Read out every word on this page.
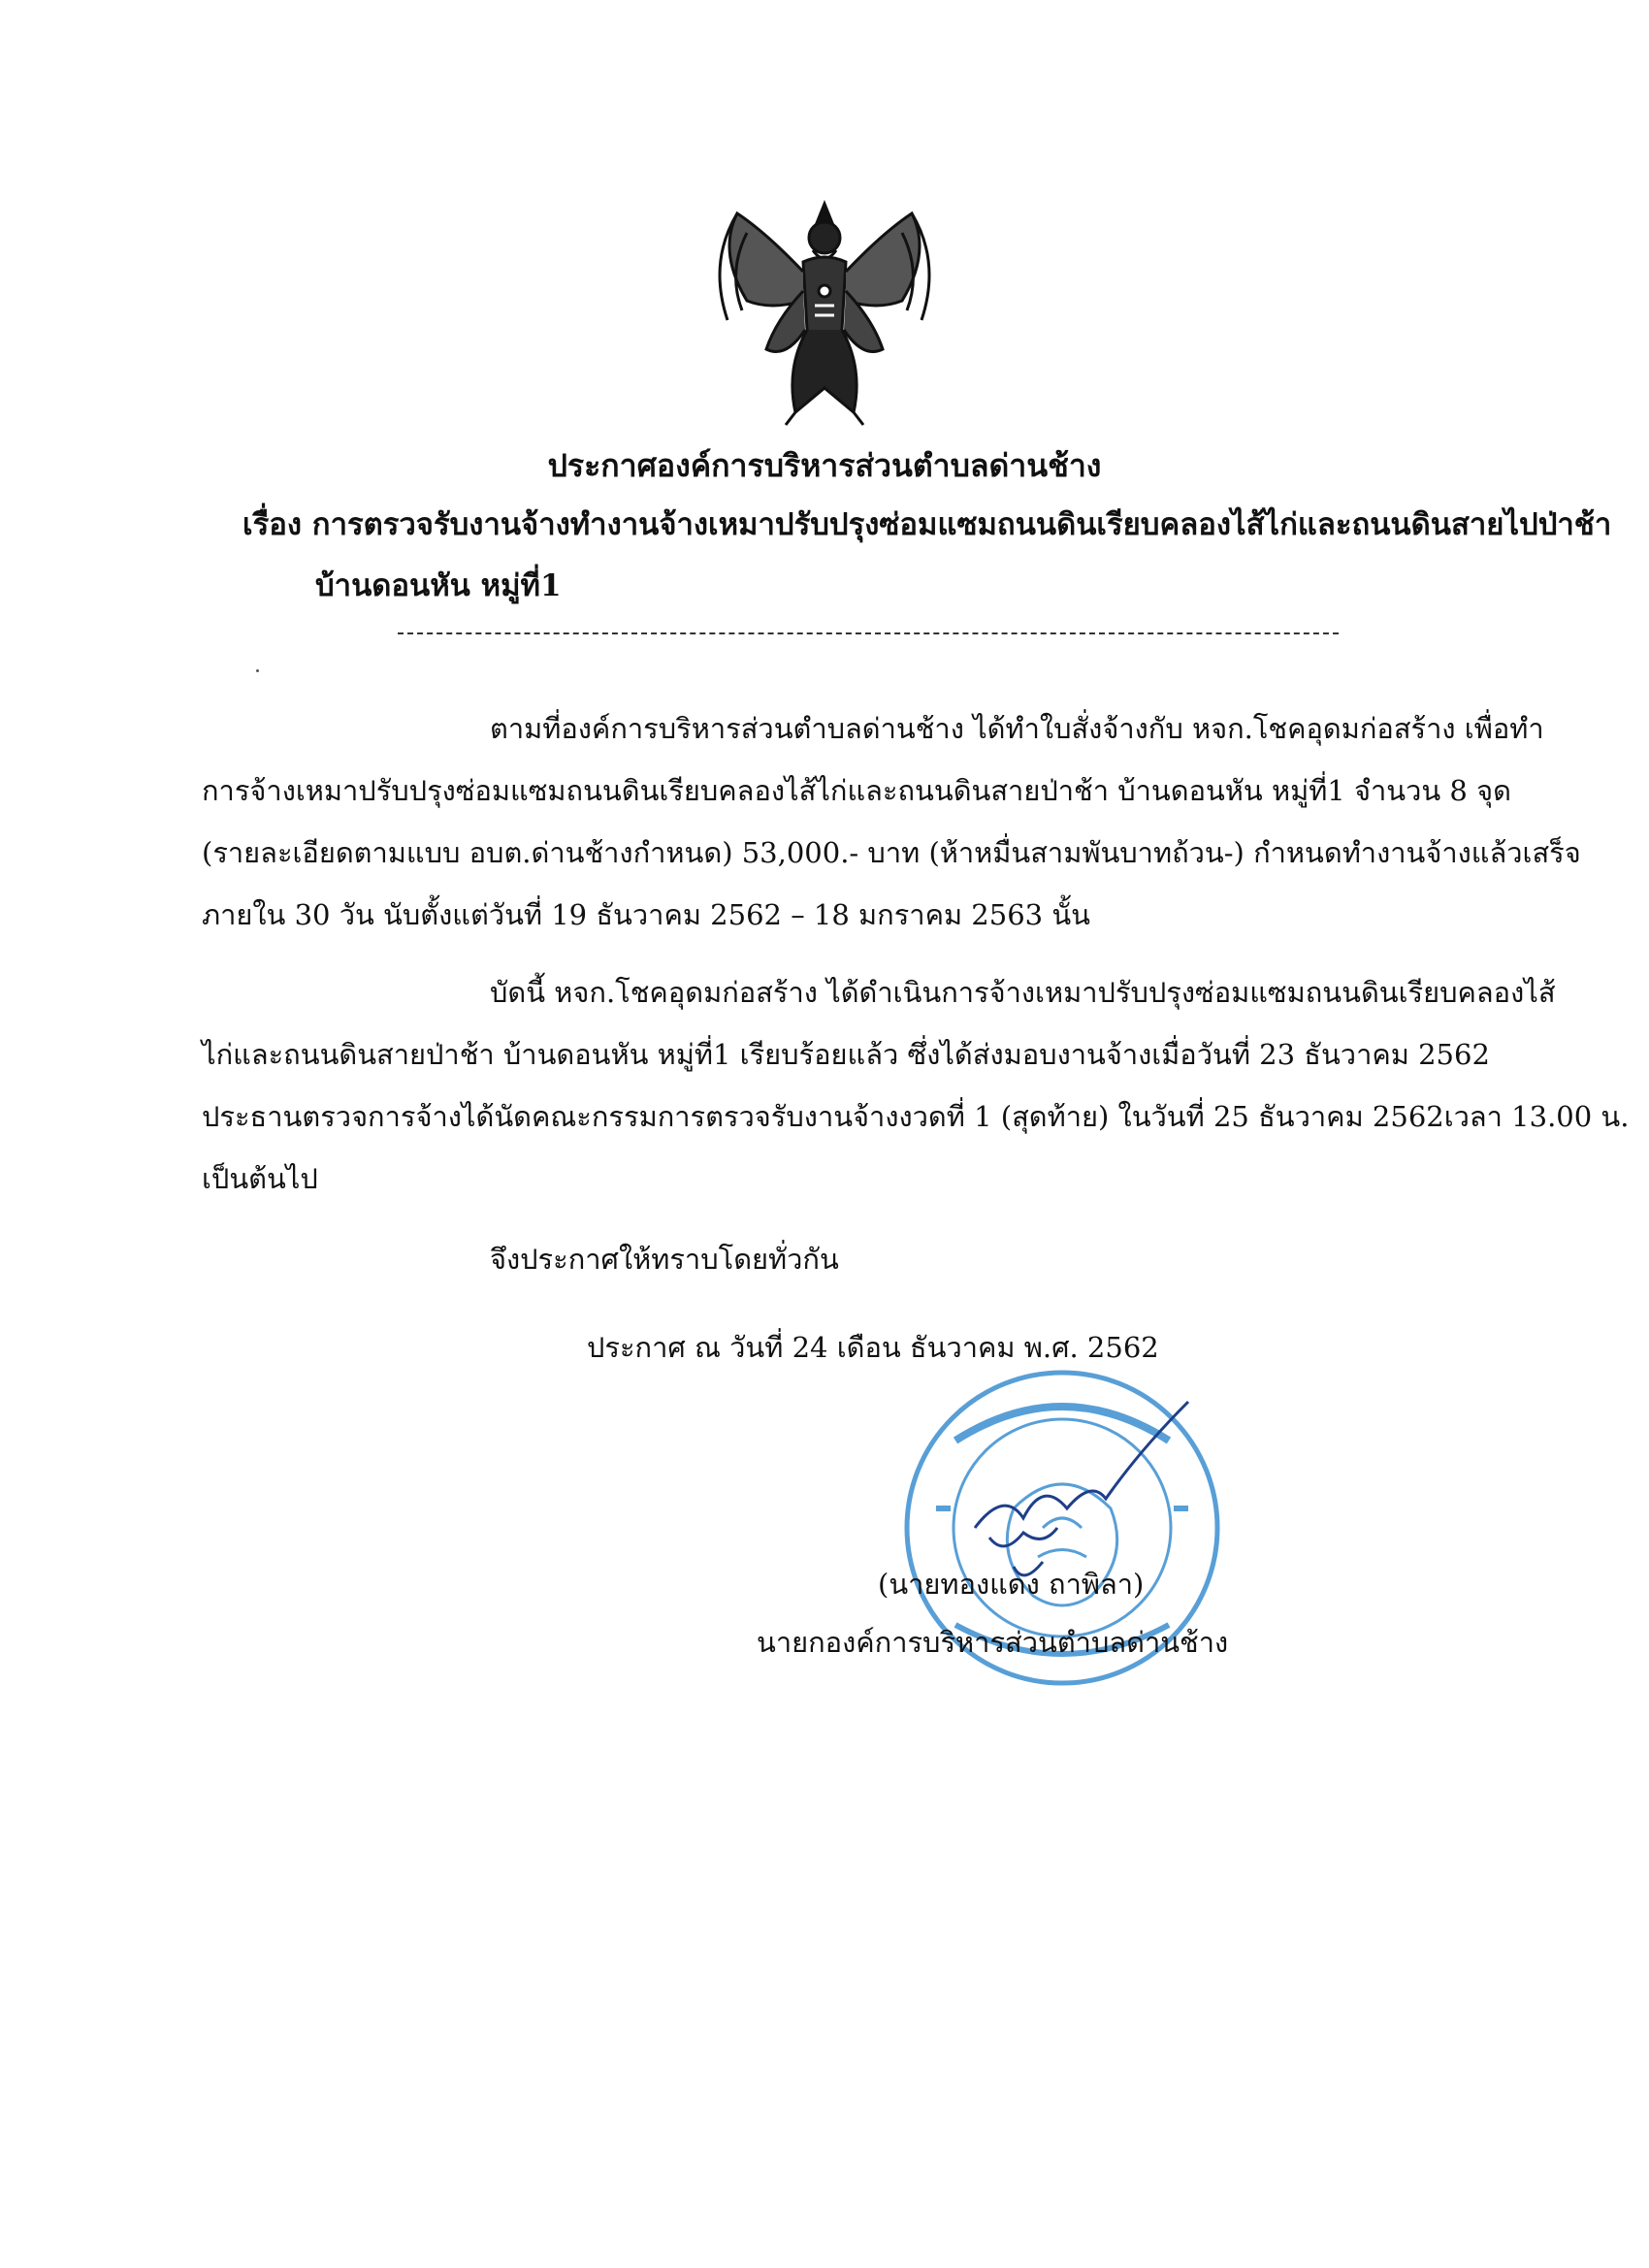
ประกาศองค์การบริหารส่วนตำบลด่านช้าง
เรื่อง การตรวจรับงานจ้างทำงานจ้างเหมาปรับปรุงซ่อมแซมถนนดินเรียบคลองไส้ไก่และถนนดินสายไปป่าช้า
บ้านดอนหัน หมู่ที่1
ตามที่องค์การบริหารส่วนตำบลด่านช้าง ได้ทำใบสั่งจ้างกับ หจก.โชคอุดมก่อสร้าง เพื่อทำ
การจ้างเหมาปรับปรุงซ่อมแซมถนนดินเรียบคลองไส้ไก่และถนนดินสายป่าช้า บ้านดอนหัน หมู่ที่1 จำนวน 8 จุด
(รายละเอียดตามแบบ อบต.ด่านช้างกำหนด) 53,000.- บาท (ห้าหมื่นสามพันบาทถ้วน-) กำหนดทำงานจ้างแล้วเสร็จ
ภายใน 30 วัน นับตั้งแต่วันที่ 19 ธันวาคม 2562 – 18 มกราคม 2563 นั้น
บัดนี้ หจก.โชคอุดมก่อสร้าง ได้ดำเนินการจ้างเหมาปรับปรุงซ่อมแซมถนนดินเรียบคลองไส้
ไก่และถนนดินสายป่าช้า บ้านดอนหัน หมู่ที่1 เรียบร้อยแล้ว ซึ่งได้ส่งมอบงานจ้างเมื่อวันที่ 23 ธันวาคม 2562
ประธานตรวจการจ้างได้นัดคณะกรรมการตรวจรับงานจ้างงวดที่ 1 (สุดท้าย) ในวันที่ 25 ธันวาคม 2562เวลา 13.00 น.
เป็นต้นไป
จึงประกาศให้ทราบโดยทั่วกัน
ประกาศ ณ วันที่ 24 เดือน ธันวาคม พ.ศ. 2562
(นายทองแดง ถาพิลา)
นายกองค์การบริหารส่วนตำบลด่านช้าง
